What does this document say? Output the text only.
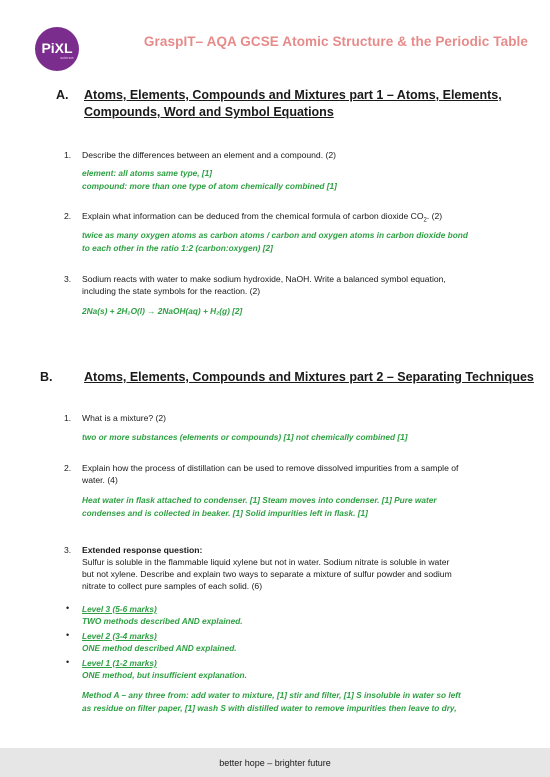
PiXL
science
GraspIT– AQA GCSE Atomic Structure & the Periodic Table
A. Atoms, Elements, Compounds and Mixtures part 1 – Atoms, Elements,
Compounds, Word and Symbol Equations
1. Describe the differences between an element and a compound. (2)
element: all atoms same type, [1]
compound: more than one type of atom chemically combined [1]
2. Explain what information can be deduced from the chemical formula of carbon dioxide $CO_2$. (2)
twice as many oxygen atoms as carbon atoms / carbon and oxygen atoms in carbon dioxide bond
to each other in the ratio 1:2 (carbon:oxygen) [2]
3. Sodium reacts with water to make sodium hydroxide, NaOH. Write a balanced symbol equation,
including the state symbols for the reaction. (2)
2Na(s) + 2H₂O(l) → 2NaOH(aq) + H₂(g) [2]
B.	Atoms, Elements, Compounds and Mixtures part 2 – Separating Techniques
1. What is a mixture? (2)
two or more substances (elements or compounds) [1] not chemically combined [1]
2. Explain how the process of distillation can be used to remove dissolved impurities from a sample of
water. (4)
Heat water in flask attached to condenser. [1] Steam moves into condenser. [1] Pure water
condenses and is collected in beaker. [1] Solid impurities left in flask. [1]
3. Extended response question:
Sulfur is soluble in the flammable liquid xylene but not in water. Sodium nitrate is soluble in water
but not xylene. Describe and explain two ways to separate a mixture of sulfur powder and sodium
nitrate to collect pure samples of each solid. (6)
• Level 3 (5-6 marks)
TWO methods described AND explained.
• Level 2 (3-4 marks)
ONE method described AND explained.
• Level 1 (1-2 marks)
ONE method, but insufficient explanation.
Method A – any three from: add water to mixture, [1] stir and filter, [1] S insoluble in water so left
as residue on filter paper, [1] wash S with distilled water to remove impurities then leave to dry,
better hope – brighter future
